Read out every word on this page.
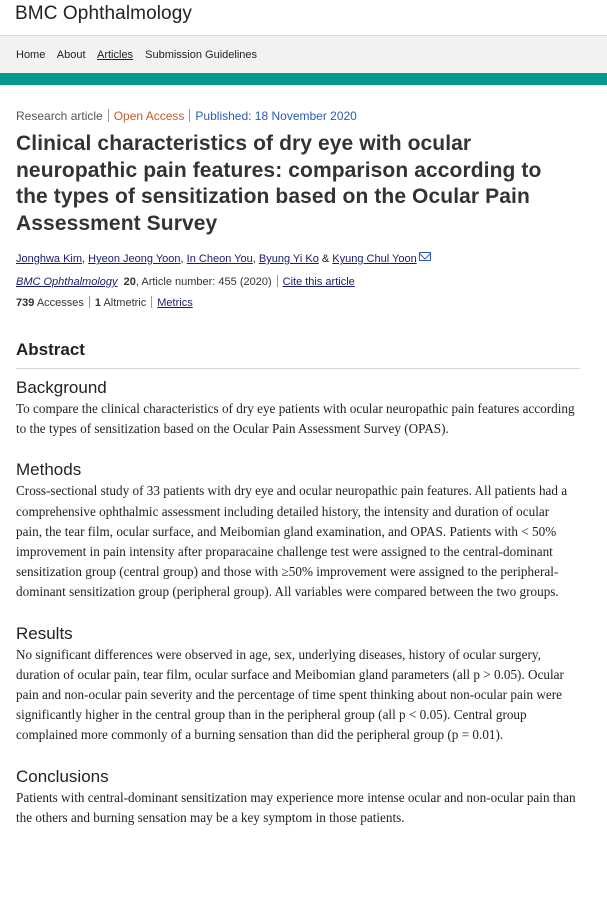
BMC Ophthalmology
Home About Articles Submission Guidelines
Research article Open Access Published: 18 November 2020
Clinical characteristics of dry eye with ocular neuropathic pain features: comparison according to the types of sensitization based on the Ocular Pain Assessment Survey
Jonghwa Kim, Hyeon Jeong Yoon, In Cheon You, Byung Yi Ko & Kyung Chul Yoon
BMC Ophthalmology 20, Article number: 455 (2020) Cite this article
739 Accesses 1 Altmetric Metrics
Abstract
Background

To compare the clinical characteristics of dry eye patients with ocular neuropathic pain features according to the types of sensitization based on the Ocular Pain Assessment Survey (OPAS).

Methods

Cross-sectional study of 33 patients with dry eye and ocular neuropathic pain features. All patients had a comprehensive ophthalmic assessment including detailed history, the intensity and duration of ocular pain, the tear film, ocular surface, and Meibomian gland examination, and OPAS. Patients with < 50% improvement in pain intensity after proparacaine challenge test were assigned to the central-dominant sensitization group (central group) and those with ≥50% improvement were assigned to the peripheral-dominant sensitization group (peripheral group). All variables were compared between the two groups.

Results

No significant differences were observed in age, sex, underlying diseases, history of ocular surgery, duration of ocular pain, tear film, ocular surface and Meibomian gland parameters (all p > 0.05). Ocular pain and non-ocular pain severity and the percentage of time spent thinking about non-ocular pain were significantly higher in the central group than in the peripheral group (all p < 0.05). Central group complained more commonly of a burning sensation than did the peripheral group (p = 0.01).

Conclusions

Patients with central-dominant sensitization may experience more intense ocular and non-ocular pain than the others and burning sensation may be a key symptom in those patients.
